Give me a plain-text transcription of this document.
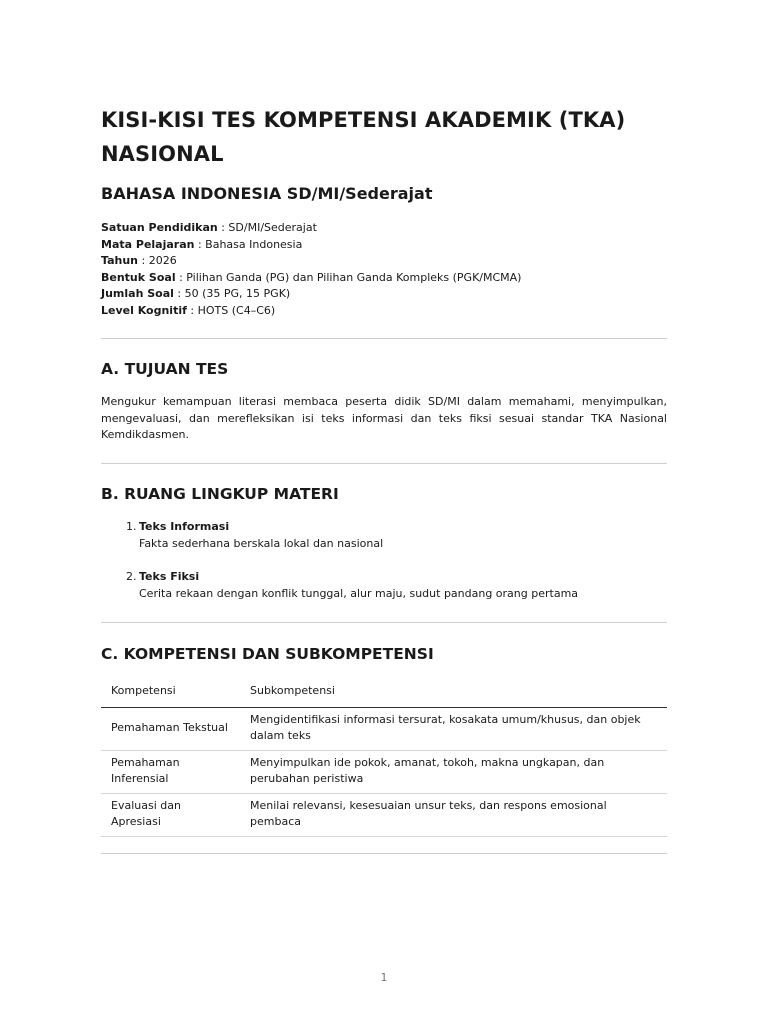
KISI-KISI TES KOMPETENSI AKADEMIK (TKA) NASIONAL
BAHASA INDONESIA SD/MI/Sederajat
Satuan Pendidikan : SD/MI/Sederajat
Mata Pelajaran : Bahasa Indonesia
Tahun : 2026
Bentuk Soal : Pilihan Ganda (PG) dan Pilihan Ganda Kompleks (PGK/MCMA)
Jumlah Soal : 50 (35 PG, 15 PGK)
Level Kognitif : HOTS (C4–C6)
A. TUJUAN TES

Mengukur kemampuan literasi membaca peserta didik SD/MI dalam memahami, menyimpulkan, mengevaluasi, dan merefleksikan isi teks informasi dan teks fiksi sesuai standar TKA Nasional Kemdikdasmen.

B. RUANG LINGKUP MATERI
1. Teks Informasi
Fakta sederhana berskala lokal dan nasional
2. Teks Fiksi
Cerita rekaan dengan konflik tunggal, alur maju, sudut pandang orang pertama
C. KOMPETENSI DAN SUBKOMPETENSI
Kompetensi	Subkompetensi
Pemahaman Tekstual	Mengidentifikasi informasi tersurat, kosakata umum/khusus, dan objek dalam teks
Pemahaman Inferensial	Menyimpulkan ide pokok, amanat, tokoh, makna ungkapan, dan perubahan peristiwa
Evaluasi dan Apresiasi	Menilai relevansi, kesesuaian unsur teks, dan respons emosional pembaca
1
